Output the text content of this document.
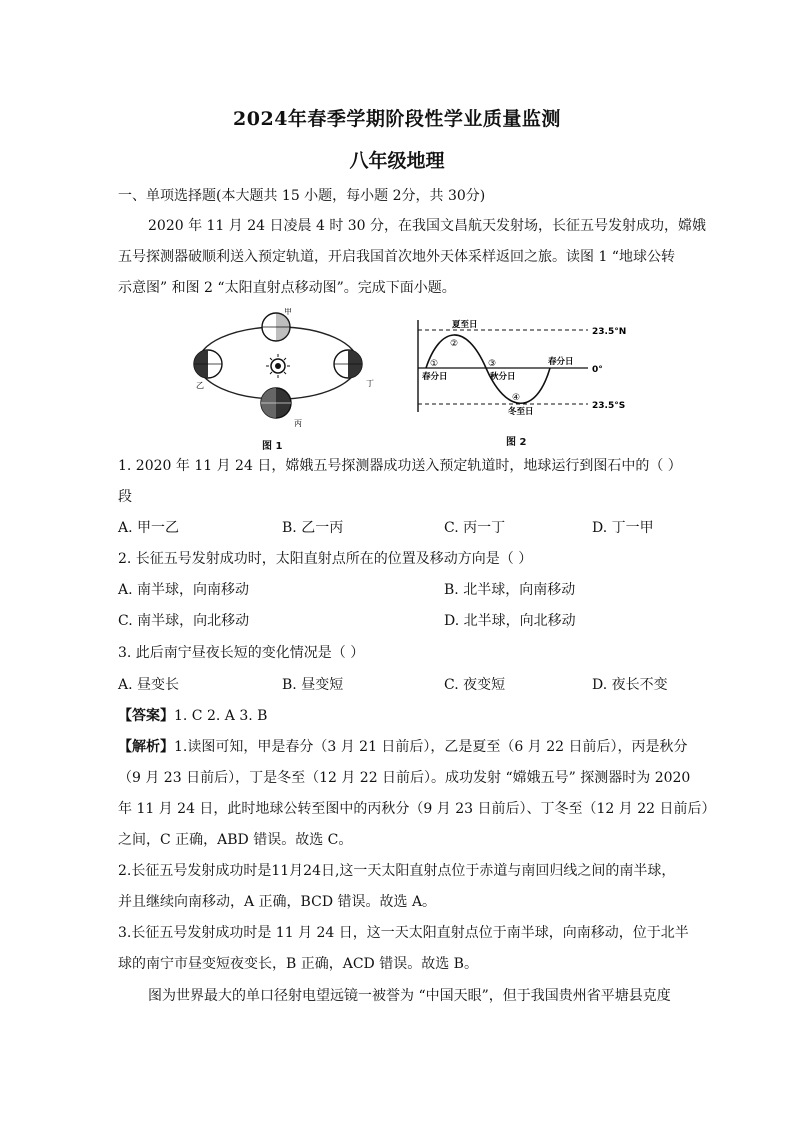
2024年春季学期阶段性学业质量监测
八年级地理
一、单项选择题(本大题共 15 小题，每小题 2分，共 30分)
2020 年 11 月 24 日凌晨 4 时 30 分，在我国文昌航天发射场，长征五号发射成功，嫦娥
五号探测器破顺利送入预定轨道，开启我国首次地外天体采样返回之旅。读图 1 “地球公转
示意图” 和图 2 “太阳直射点移动图”。完成下面小题。
甲
乙	丁
丙
图 1
①
②
③
④
夏至日
春分日	秋分日
春分日
冬至日
23.5°N
0°
23.5°S
图 2
1. 2020 年 11 月 24 日，嫦娥五号探测器成功送入预定轨道时，地球运行到图石中的（ ）
段
A. 甲一乙	B. 乙一丙	C. 丙一丁	D. 丁一甲
2. 长征五号发射成功时，太阳直射点所在的位置及移动方向是（ ）
A. 南半球，向南移动	B. 北半球，向南移动
C. 南半球，向北移动	D. 北半球，向北移动
3. 此后南宁昼夜长短的变化情况是（ ）
A. 昼变长	B. 昼变短	C. 夜变短	D. 夜长不变
【答案】1. C 2. A 3. B
【解析】1.读图可知，甲是春分（3 月 21 日前后），乙是夏至（6 月 22 日前后），丙是秋分
（9 月 23 日前后），丁是冬至（12 月 22 日前后）。成功发射 “嫦娥五号” 探测器时为 2020
年 11 月 24 日，此时地球公转至图中的丙秋分（9 月 23 日前后）、丁冬至（12 月 22 日前后）
之间，C 正确，ABD 错误。故选 C。
2.长征五号发射成功时是11月24日,这一天太阳直射点位于赤道与南回归线之间的南半球，
并且继续向南移动，A 正确，BCD 错误。故选 A。
3.长征五号发射成功时是 11 月 24 日，这一天太阳直射点位于南半球，向南移动，位于北半
球的南宁市昼变短夜变长，B 正确，ACD 错误。故选 B。
图为世界最大的单口径射电望远镜一被誉为 “中国天眼”，但于我国贵州省平塘县克度
